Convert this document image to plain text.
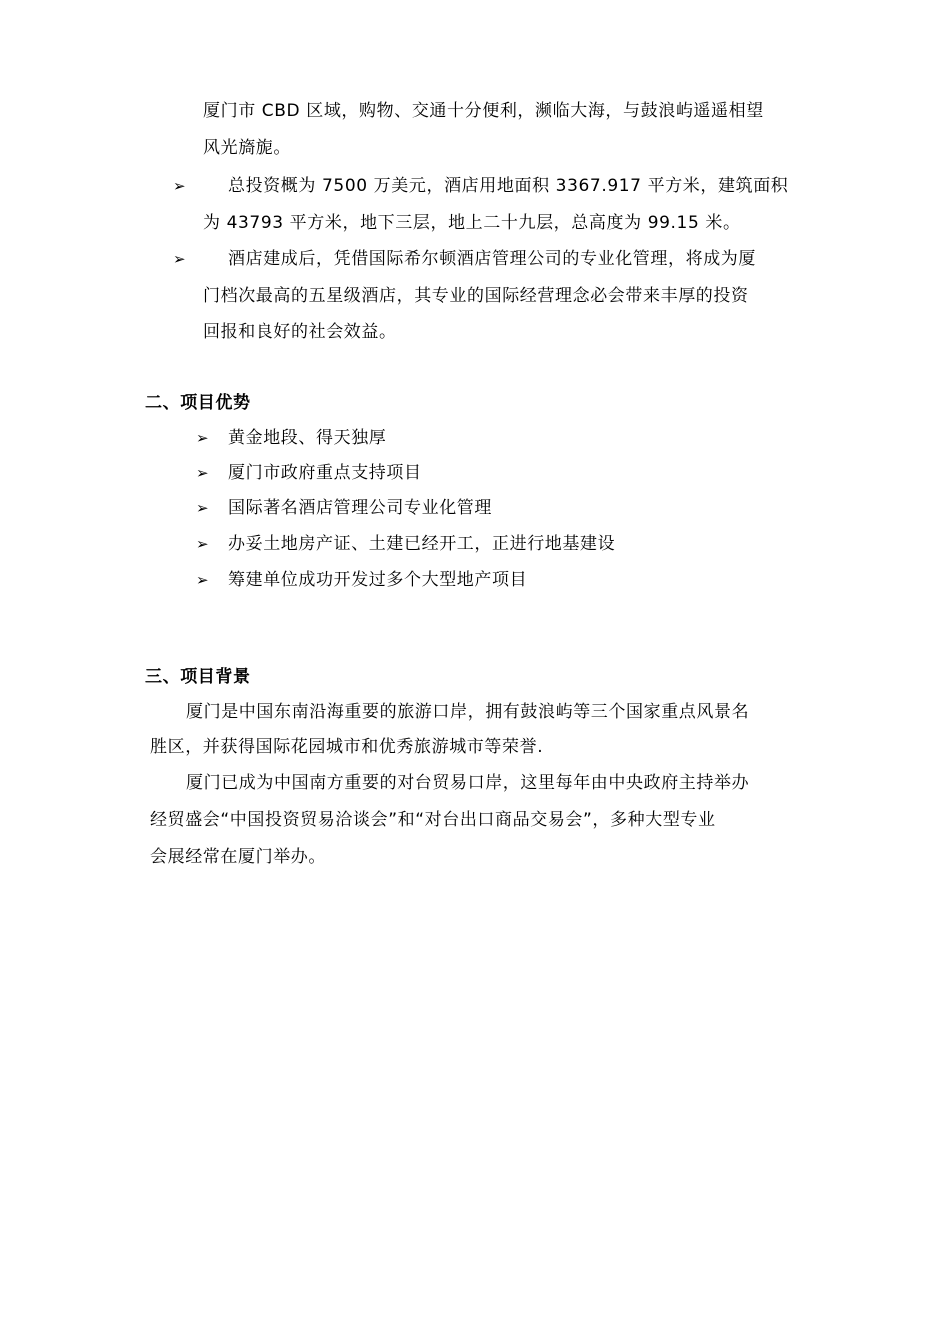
厦门市 CBD 区域，购物、交通十分便利，濒临大海，与鼓浪屿遥遥相望
风光旖旎。
➢ 总投资概为 7500 万美元，酒店用地面积 3367.917 平方米，建筑面积
为 43793 平方米，地下三层，地上二十九层，总高度为 99.15 米。
➢ 酒店建成后，凭借国际希尔顿酒店管理公司的专业化管理，将成为厦
门档次最高的五星级酒店，其专业的国际经营理念必会带来丰厚的投资
回报和良好的社会效益。
二、项目优势
➢ 黄金地段、得天独厚
➢ 厦门市政府重点支持项目
➢ 国际著名酒店管理公司专业化管理
➢ 办妥土地房产证、土建已经开工，正进行地基建设
➢ 筹建单位成功开发过多个大型地产项目
三、项目背景
厦门是中国东南沿海重要的旅游口岸，拥有鼓浪屿等三个国家重点风景名
胜区，并获得国际花园城市和优秀旅游城市等荣誉.
厦门已成为中国南方重要的对台贸易口岸，这里每年由中央政府主持举办
经贸盛会“中国投资贸易洽谈会”和“对台出口商品交易会”，多种大型专业
会展经常在厦门举办。
